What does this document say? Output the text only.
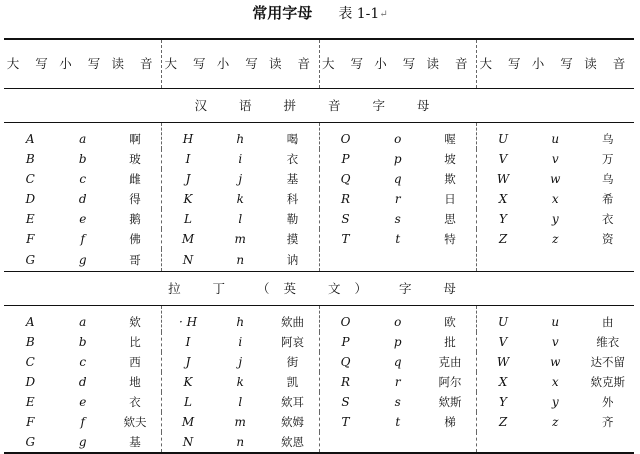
常用字母 表 1-1↵
大 写	小 写	读 音	大 写	小 写	读 音	大 写	小 写	读 音	大 写	小 写	读 音
汉 语 拼 音 字 母											
A	a	啊	H	h	喝	O	o	喔	U	u	乌
B	b	玻	I	i	衣	P	p	坡	V	v	万
C	c	雌	J	j	基	Q	q	欺	W	w	乌
D	d	得	K	k	科	R	r	日	X	x	希
E	e	鹅	L	l	勒	S	s	思	Y	y	衣
F	f	佛	M	m	摸	T	t	特	Z	z	资
G	g	哥	N	n	讷						
拉 丁 （英 文） 字 母											
A	a	欸	· H	h	欸曲	O	o	欧	U	u	由
B	b	比	I	i	阿哀	P	p	批	V	v	维衣
C	c	西	J	j	街	Q	q	克由	W	w	达不留
D	d	地	K	k	凯	R	r	阿尔	X	x	欸克斯
E	e	衣	L	l	欸耳	S	s	欸斯	Y	y	外
F	f	欸夫	M	m	欸姆	T	t	梯	Z	z	齐
G	g	基	N	n	欸恩						
